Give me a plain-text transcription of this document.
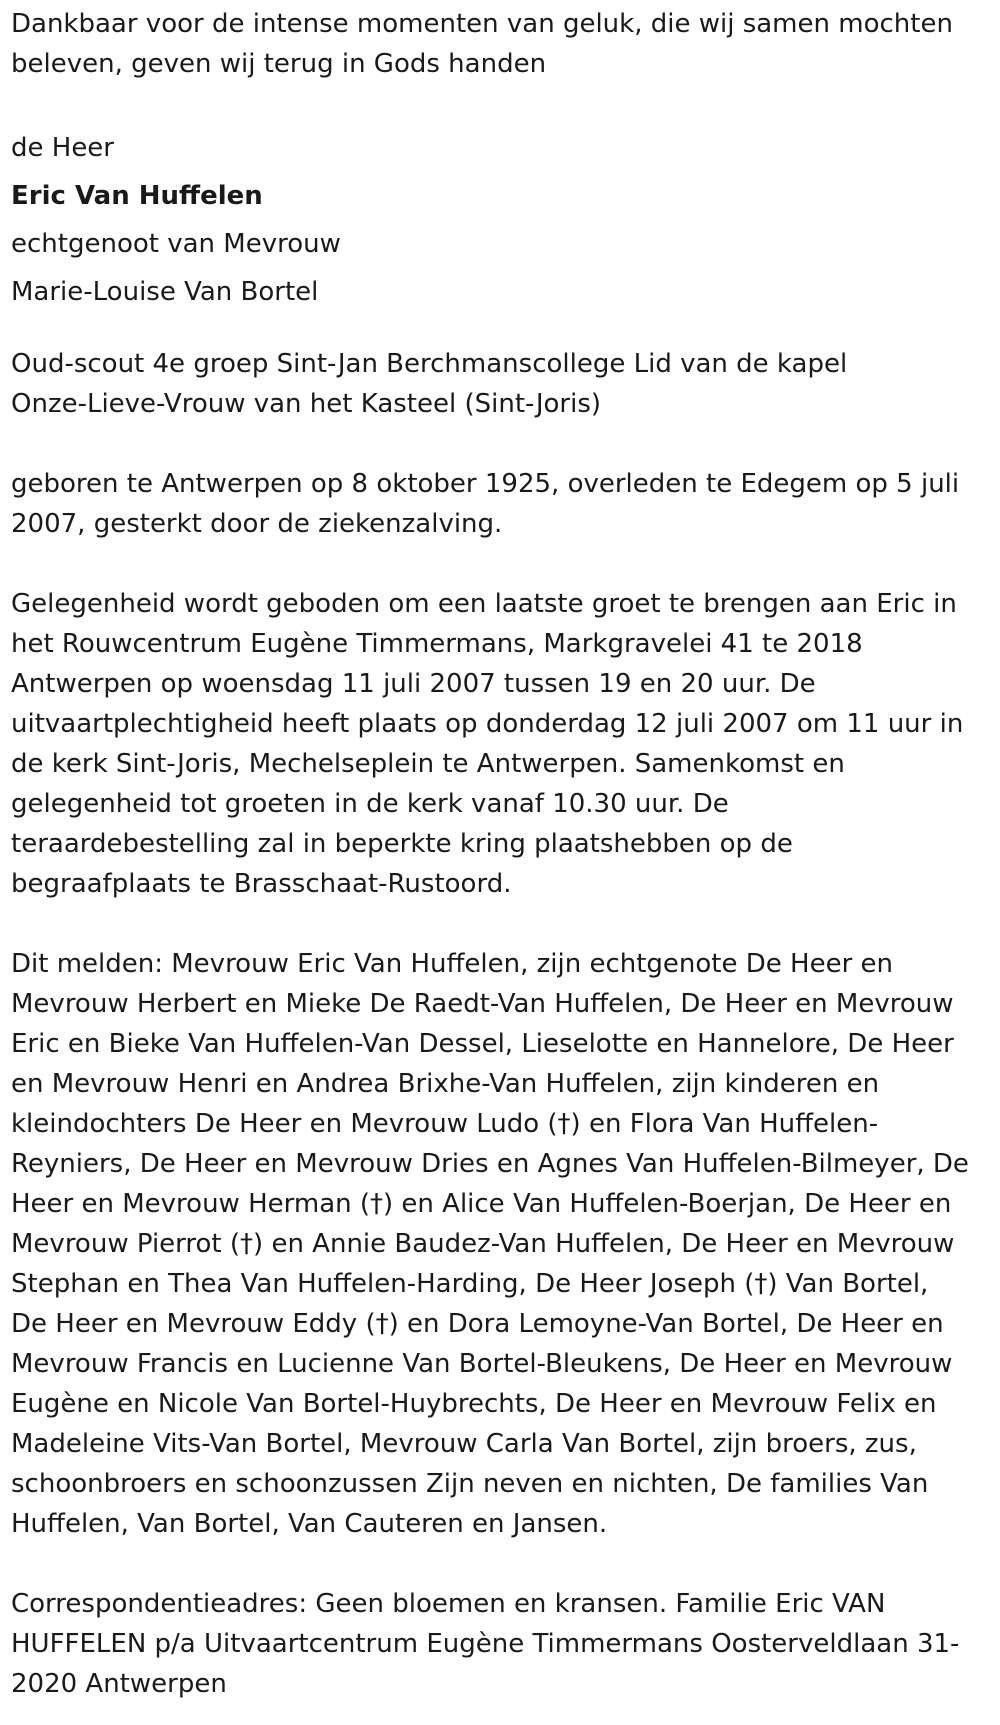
Dankbaar voor de intense momenten van geluk, die wij samen mochten
beleven, geven wij terug in Gods handen

de Heer
Eric Van Huffelen
echtgenoot van Mevrouw
Marie-Louise Van Bortel

Oud-scout 4e groep Sint-Jan Berchmanscollege Lid van de kapel
Onze-Lieve-Vrouw van het Kasteel (Sint-Joris)

geboren te Antwerpen op 8 oktober 1925, overleden te Edegem op 5 juli
2007, gesterkt door de ziekenzalving.

Gelegenheid wordt geboden om een laatste groet te brengen aan Eric in
het Rouwcentrum Eugène Timmermans, Markgravelei 41 te 2018
Antwerpen op woensdag 11 juli 2007 tussen 19 en 20 uur. De
uitvaartplechtigheid heeft plaats op donderdag 12 juli 2007 om 11 uur in
de kerk Sint-Joris, Mechelseplein te Antwerpen. Samenkomst en
gelegenheid tot groeten in de kerk vanaf 10.30 uur. De
teraardebestelling zal in beperkte kring plaatshebben op de
begraafplaats te Brasschaat-Rustoord.

Dit melden: Mevrouw Eric Van Huffelen, zijn echtgenote De Heer en
Mevrouw Herbert en Mieke De Raedt-Van Huffelen, De Heer en Mevrouw
Eric en Bieke Van Huffelen-Van Dessel, Lieselotte en Hannelore, De Heer
en Mevrouw Henri en Andrea Brixhe-Van Huffelen, zijn kinderen en
kleindochters De Heer en Mevrouw Ludo (†) en Flora Van Huffelen-
Reyniers, De Heer en Mevrouw Dries en Agnes Van Huffelen-Bilmeyer, De
Heer en Mevrouw Herman (†) en Alice Van Huffelen-Boerjan, De Heer en
Mevrouw Pierrot (†) en Annie Baudez-Van Huffelen, De Heer en Mevrouw
Stephan en Thea Van Huffelen-Harding, De Heer Joseph (†) Van Bortel,
De Heer en Mevrouw Eddy (†) en Dora Lemoyne-Van Bortel, De Heer en
Mevrouw Francis en Lucienne Van Bortel-Bleukens, De Heer en Mevrouw
Eugène en Nicole Van Bortel-Huybrechts, De Heer en Mevrouw Felix en
Madeleine Vits-Van Bortel, Mevrouw Carla Van Bortel, zijn broers, zus,
schoonbroers en schoonzussen Zijn neven en nichten, De families Van
Huffelen, Van Bortel, Van Cauteren en Jansen.

Correspondentieadres: Geen bloemen en kransen. Familie Eric VAN
HUFFELEN p/a Uitvaartcentrum Eugène Timmermans Oosterveldlaan 31-
2020 Antwerpen
